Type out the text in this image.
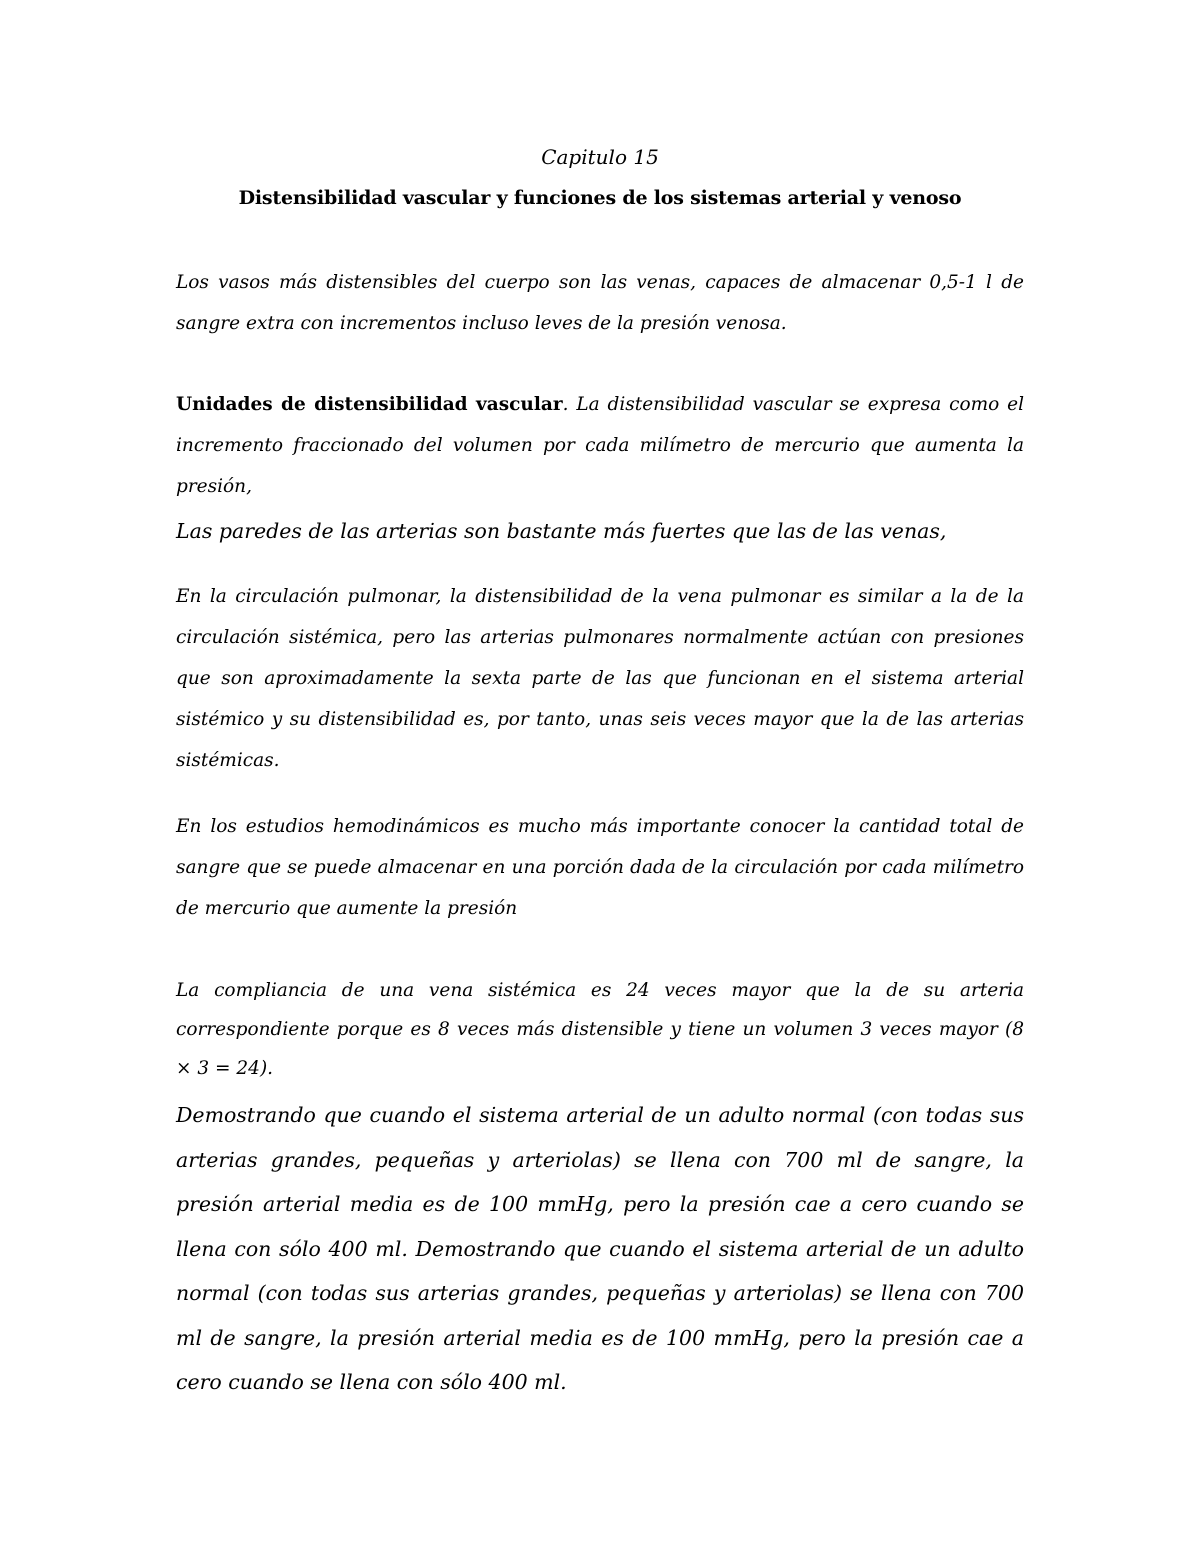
Capitulo 15
Distensibilidad vascular y funciones de los sistemas arterial y venoso

Los vasos más distensibles del cuerpo son las venas, capaces de almacenar 0,5-1 l de sangre extra con incrementos incluso leves de la presión venosa.

Unidades de distensibilidad vascular. La distensibilidad vascular se expresa como el incremento fraccionado del volumen por cada milímetro de mercurio que aumenta la presión,

Las paredes de las arterias son bastante más fuertes que las de las venas,

En la circulación pulmonar, la distensibilidad de la vena pulmonar es similar a la de la circulación sistémica, pero las arterias pulmonares normalmente actúan con presiones que son aproximadamente la sexta parte de las que funcionan en el sistema arterial sistémico y su distensibilidad es, por tanto, unas seis veces mayor que la de las arterias sistémicas.

En los estudios hemodinámicos es mucho más importante conocer la cantidad total de sangre que se puede almacenar en una porción dada de la circulación por cada milímetro de mercurio que aumente la presión

La compliancia de una vena sistémica es 24 veces mayor que la de su arteria correspondiente porque es 8 veces más distensible y tiene un volumen 3 veces mayor (8 × 3 = 24).

Demostrando que cuando el sistema arterial de un adulto normal (con todas sus arterias grandes, pequeñas y arteriolas) se llena con 700 ml de sangre, la presión arterial media es de 100 mmHg, pero la presión cae a cero cuando se llena con sólo 400 ml. Demostrando que cuando el sistema arterial de un adulto normal (con todas sus arterias grandes, pequeñas y arteriolas) se llena con 700 ml de sangre, la presión arterial media es de 100 mmHg, pero la presión cae a cero cuando se llena con sólo 400 ml.
